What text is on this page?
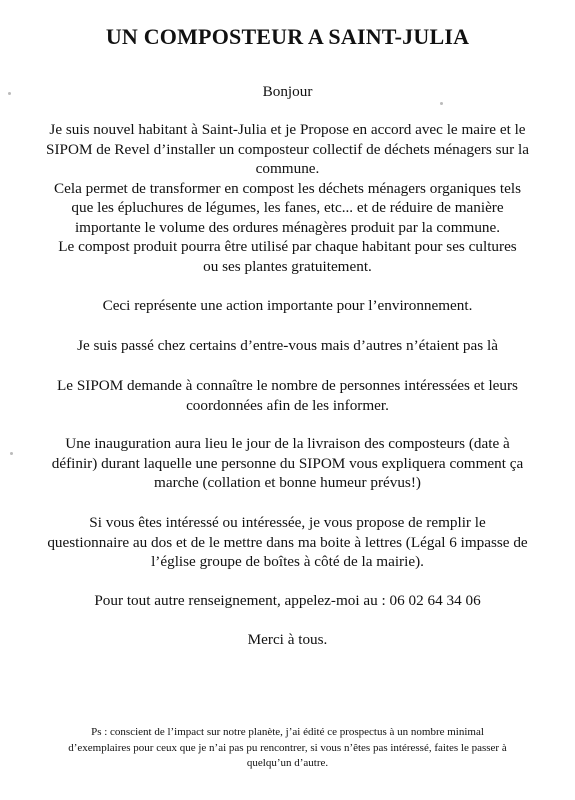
UN COMPOSTEUR A SAINT-JULIA

Bonjour

Je suis nouvel habitant à Saint-Julia et je Propose en accord avec le maire et le
SIPOM de Revel d’installer un composteur collectif de déchets ménagers sur la
commune.
Cela permet de transformer en compost les déchets ménagers organiques tels
que les épluchures de légumes, les fanes, etc... et de réduire de manière
importante le volume des ordures ménagères produit par la commune.
Le compost produit pourra être utilisé par chaque habitant pour ses cultures
ou ses plantes gratuitement.

Ceci représente une action importante pour l’environnement.

Je suis passé chez certains d’entre-vous mais d’autres n’étaient pas là

Le SIPOM demande à connaître le nombre de personnes intéressées et leurs
coordonnées afin de les informer.

Une inauguration aura lieu le jour de la livraison des composteurs (date à
définir) durant laquelle une personne du SIPOM vous expliquera comment ça
marche (collation et bonne humeur prévus!)

Si vous êtes intéressé ou intéressée, je vous propose de remplir le
questionnaire au dos et de le mettre dans ma boite à lettres (Légal 6 impasse de
l’église groupe de boîtes à côté de la mairie).

Pour tout autre renseignement, appelez-moi au : 06 02 64 34 06

Merci à tous.

Ps : conscient de l’impact sur notre planète, j’ai édité ce prospectus à un nombre minimal
d’exemplaires pour ceux que je n’ai pas pu rencontrer, si vous n’êtes pas intéressé, faites le passer à
quelqu’un d’autre.
